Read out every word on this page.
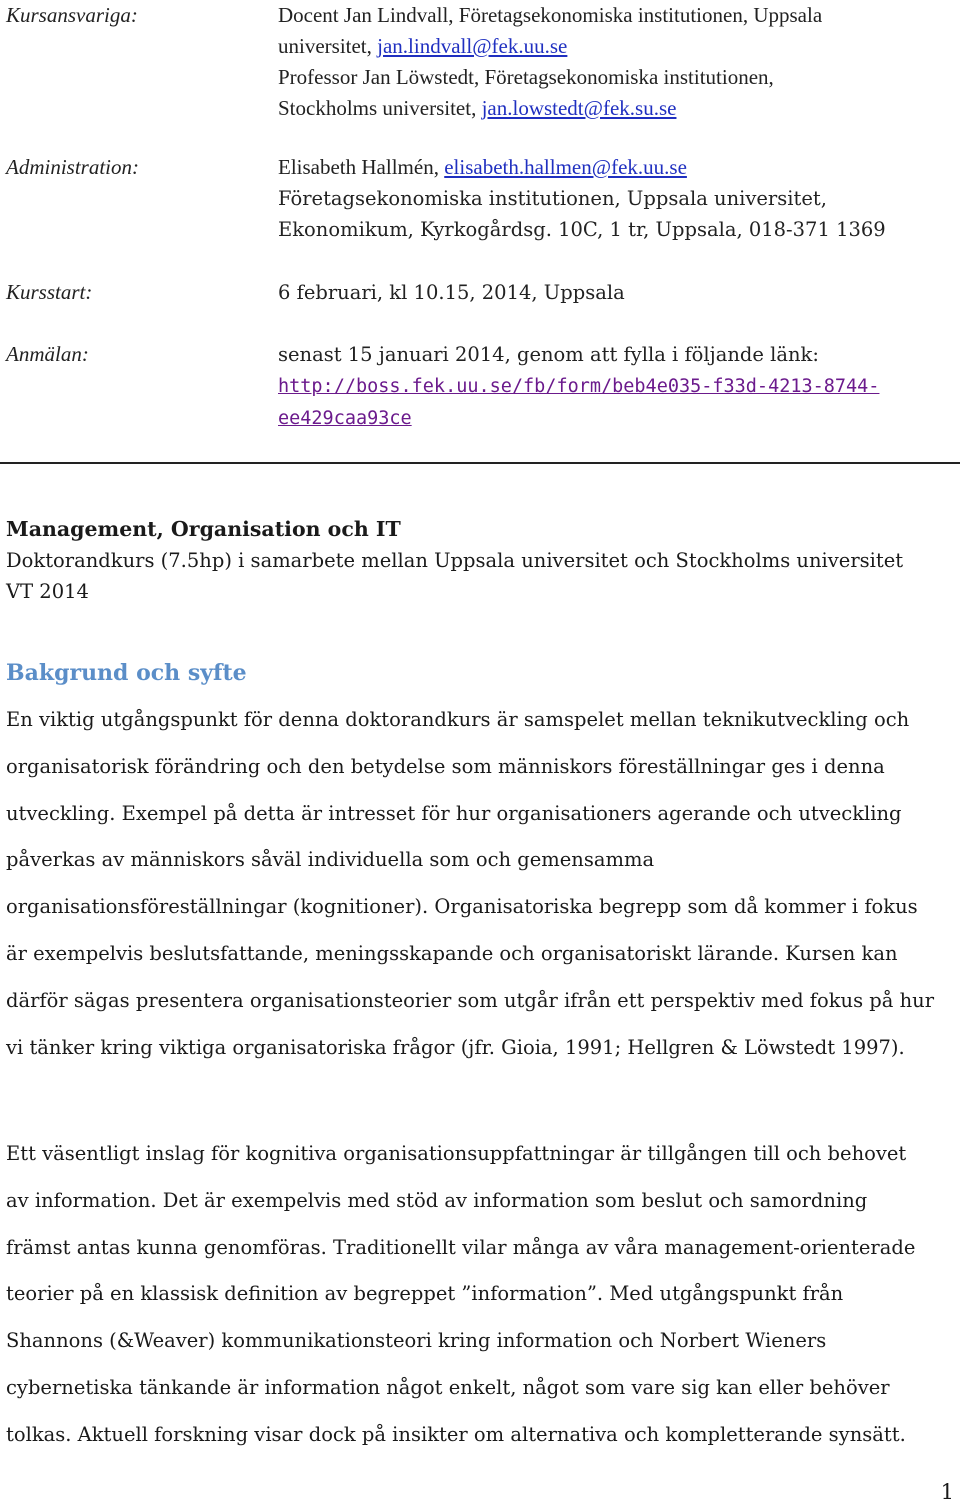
Kursansvariga:	Docent Jan Lindvall, Företagsekonomiska institutionen, Uppsala
universitet, jan.lindvall@fek.uu.se
Professor Jan Löwstedt, Företagsekonomiska institutionen,
Stockholms universitet, jan.lowstedt@fek.su.se
Administration:	Elisabeth Hallmén, elisabeth.hallmen@fek.uu.se
Företagsekonomiska institutionen, Uppsala universitet,
Ekonomikum, Kyrkogårdsg. 10C, 1 tr, Uppsala, 018-371 1369
Kursstart:	6 februari, kl 10.15, 2014, Uppsala
Anmälan:	senast 15 januari 2014, genom att fylla i följande länk:
http://boss.fek.uu.se/fb/form/beb4e035-f33d-4213-8744-
ee429caa93ce
Management, Organisation och IT
Doktorandkurs (7.5hp) i samarbete mellan Uppsala universitet och Stockholms universitet
VT 2014
Bakgrund och syfte
En viktig utgångspunkt för denna doktorandkurs är samspelet mellan teknikutveckling och
organisatorisk förändring och den betydelse som människors föreställningar ges i denna
utveckling. Exempel på detta är intresset för hur organisationers agerande och utveckling
påverkas av människors såväl individuella som och gemensamma
organisationsföreställningar (kognitioner). Organisatoriska begrepp som då kommer i fokus
är exempelvis beslutsfattande, meningsskapande och organisatoriskt lärande. Kursen kan
därför sägas presentera organisationsteorier som utgår ifrån ett perspektiv med fokus på hur
vi tänker kring viktiga organisatoriska frågor (jfr. Gioia, 1991; Hellgren & Löwstedt 1997).
Ett väsentligt inslag för kognitiva organisationsuppfattningar är tillgången till och behovet
av information. Det är exempelvis med stöd av information som beslut och samordning
främst antas kunna genomföras. Traditionellt vilar många av våra management-orienterade
teorier på en klassisk definition av begreppet ”information”. Med utgångspunkt från
Shannons (&Weaver) kommunikationsteori kring information och Norbert Wieners
cybernetiska tänkande är information något enkelt, något som vare sig kan eller behöver
tolkas. Aktuell forskning visar dock på insikter om alternativa och kompletterande synsätt.
1
